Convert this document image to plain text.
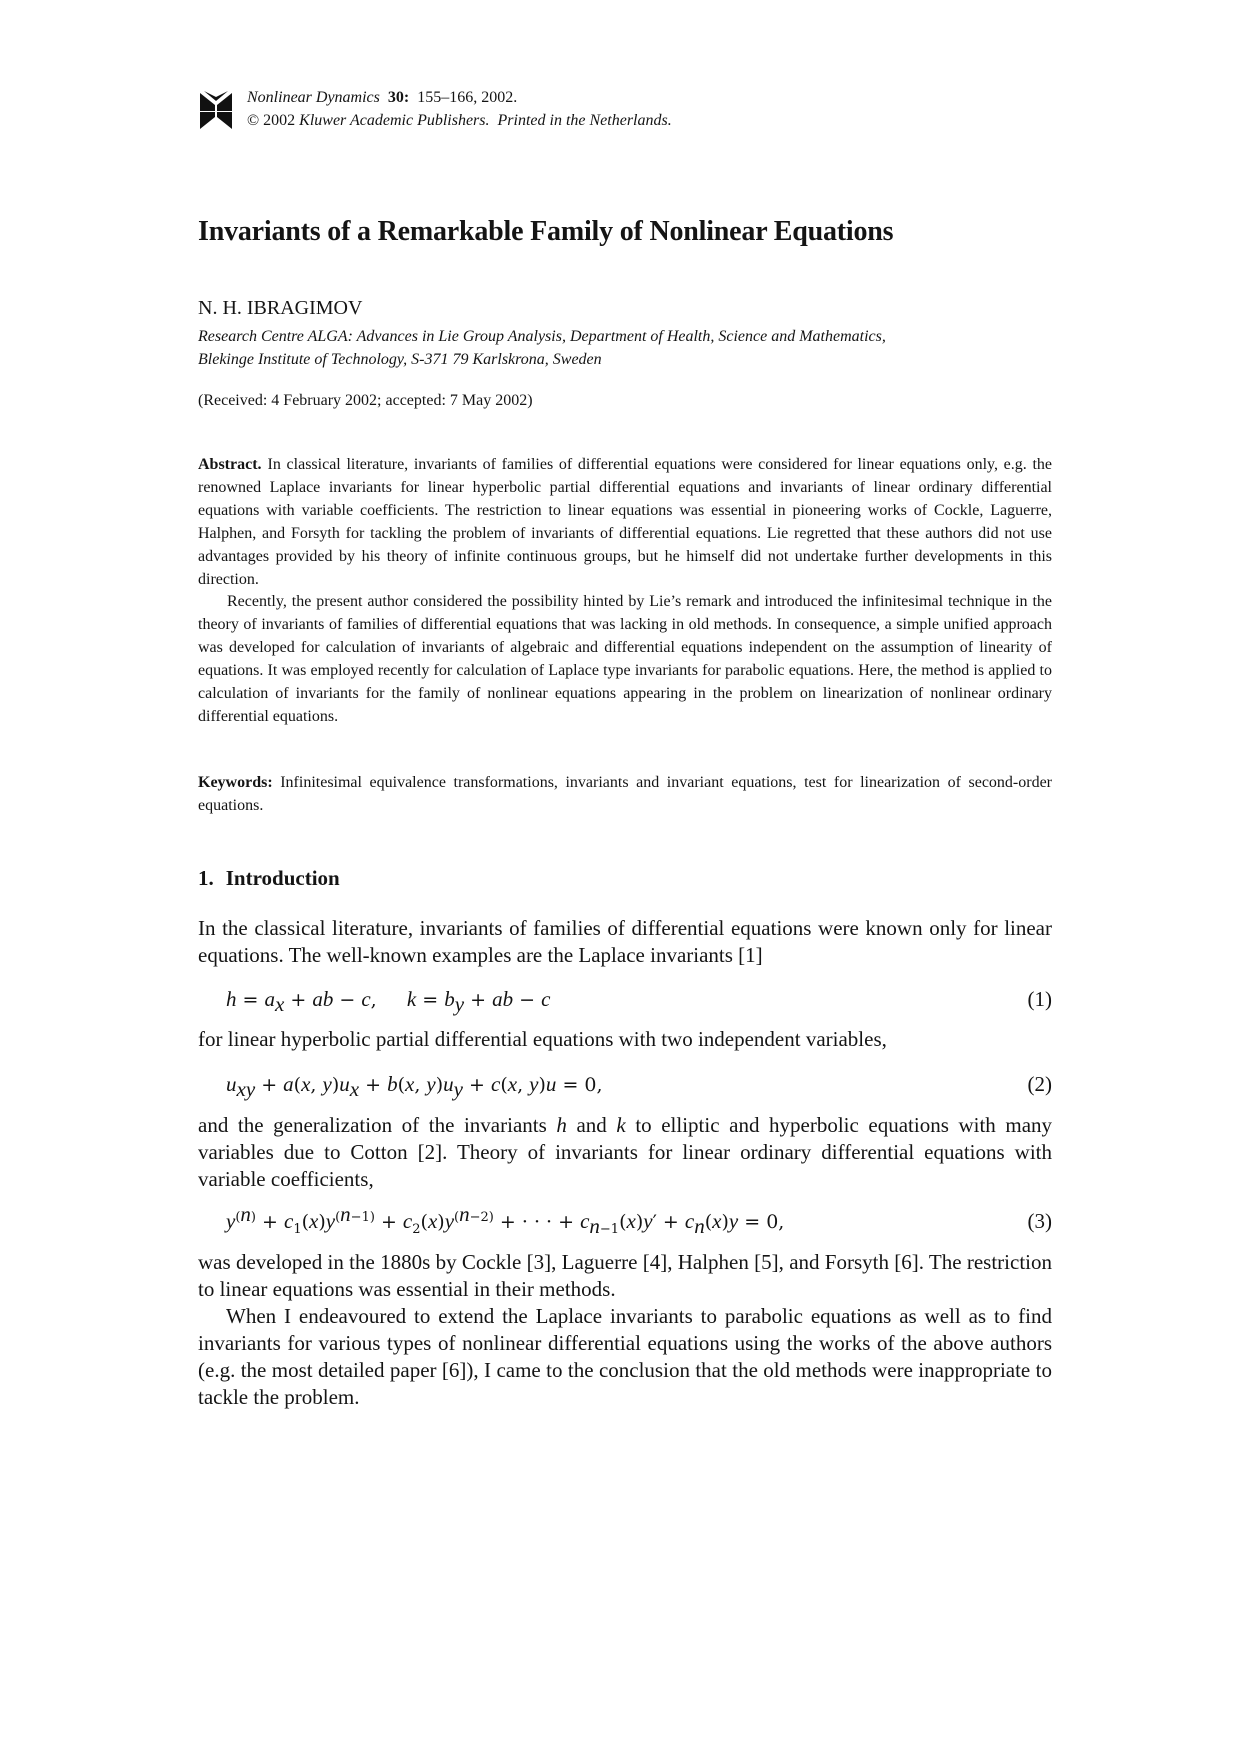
Nonlinear Dynamics 30: 155–166, 2002.
© 2002 Kluwer Academic Publishers. Printed in the Netherlands.
Invariants of a Remarkable Family of Nonlinear Equations
N. H. IBRAGIMOV
Research Centre ALGA: Advances in Lie Group Analysis, Department of Health, Science and Mathematics,
Blekinge Institute of Technology, S-371 79 Karlskrona, Sweden
(Received: 4 February 2002; accepted: 7 May 2002)

Abstract. In classical literature, invariants of families of differential equations were considered for linear equations only, e.g. the renowned Laplace invariants for linear hyperbolic partial differential equations and invariants of linear ordinary differential equations with variable coefficients. The restriction to linear equations was essential in pioneering works of Cockle, Laguerre, Halphen, and Forsyth for tackling the problem of invariants of differential equations. Lie regretted that these authors did not use advantages provided by his theory of infinite continuous groups, but he himself did not undertake further developments in this direction.

Recently, the present author considered the possibility hinted by Lie’s remark and introduced the infinitesimal technique in the theory of invariants of families of differential equations that was lacking in old methods. In consequence, a simple unified approach was developed for calculation of invariants of algebraic and differential equations independent on the assumption of linearity of equations. It was employed recently for calculation of Laplace type invariants for parabolic equations. Here, the method is applied to calculation of invariants for the family of nonlinear equations appearing in the problem on linearization of nonlinear ordinary differential equations.

Keywords: Infinitesimal equivalence transformations, invariants and invariant equations, test for linearization of second-order equations.

1. Introduction

In the classical literature, invariants of families of differential equations were known only for linear equations. The well-known examples are the Laplace invariants [1]

$h = a_x$ + ab − c,     $k = b_y$ + ab − c	(1)

for linear hyperbolic partial differential equations with two independent variables,

$u_{xy} + a(x$, $y)u_x + b(x$, $y)u_y + c(x$, y)u = 0,	(2)

and the generalization of the invariants h and k to elliptic and hyperbolic equations with many variables due to Cotton [2]. Theory of invariants for linear ordinary differential equations with variable coefficients,

$y^{(n)} + c_1(x)y^{(n-1)} + c_2(x)y^{(n-2)}$ + · · · + $c_{n-1}(x)y' + c_n(x)y = 0$,	(3)

was developed in the 1880s by Cockle [3], Laguerre [4], Halphen [5], and Forsyth [6]. The restriction to linear equations was essential in their methods.

When I endeavoured to extend the Laplace invariants to parabolic equations as well as to find invariants for various types of nonlinear differential equations using the works of the above authors (e.g. the most detailed paper [6]), I came to the conclusion that the old methods were inappropriate to tackle the problem.
